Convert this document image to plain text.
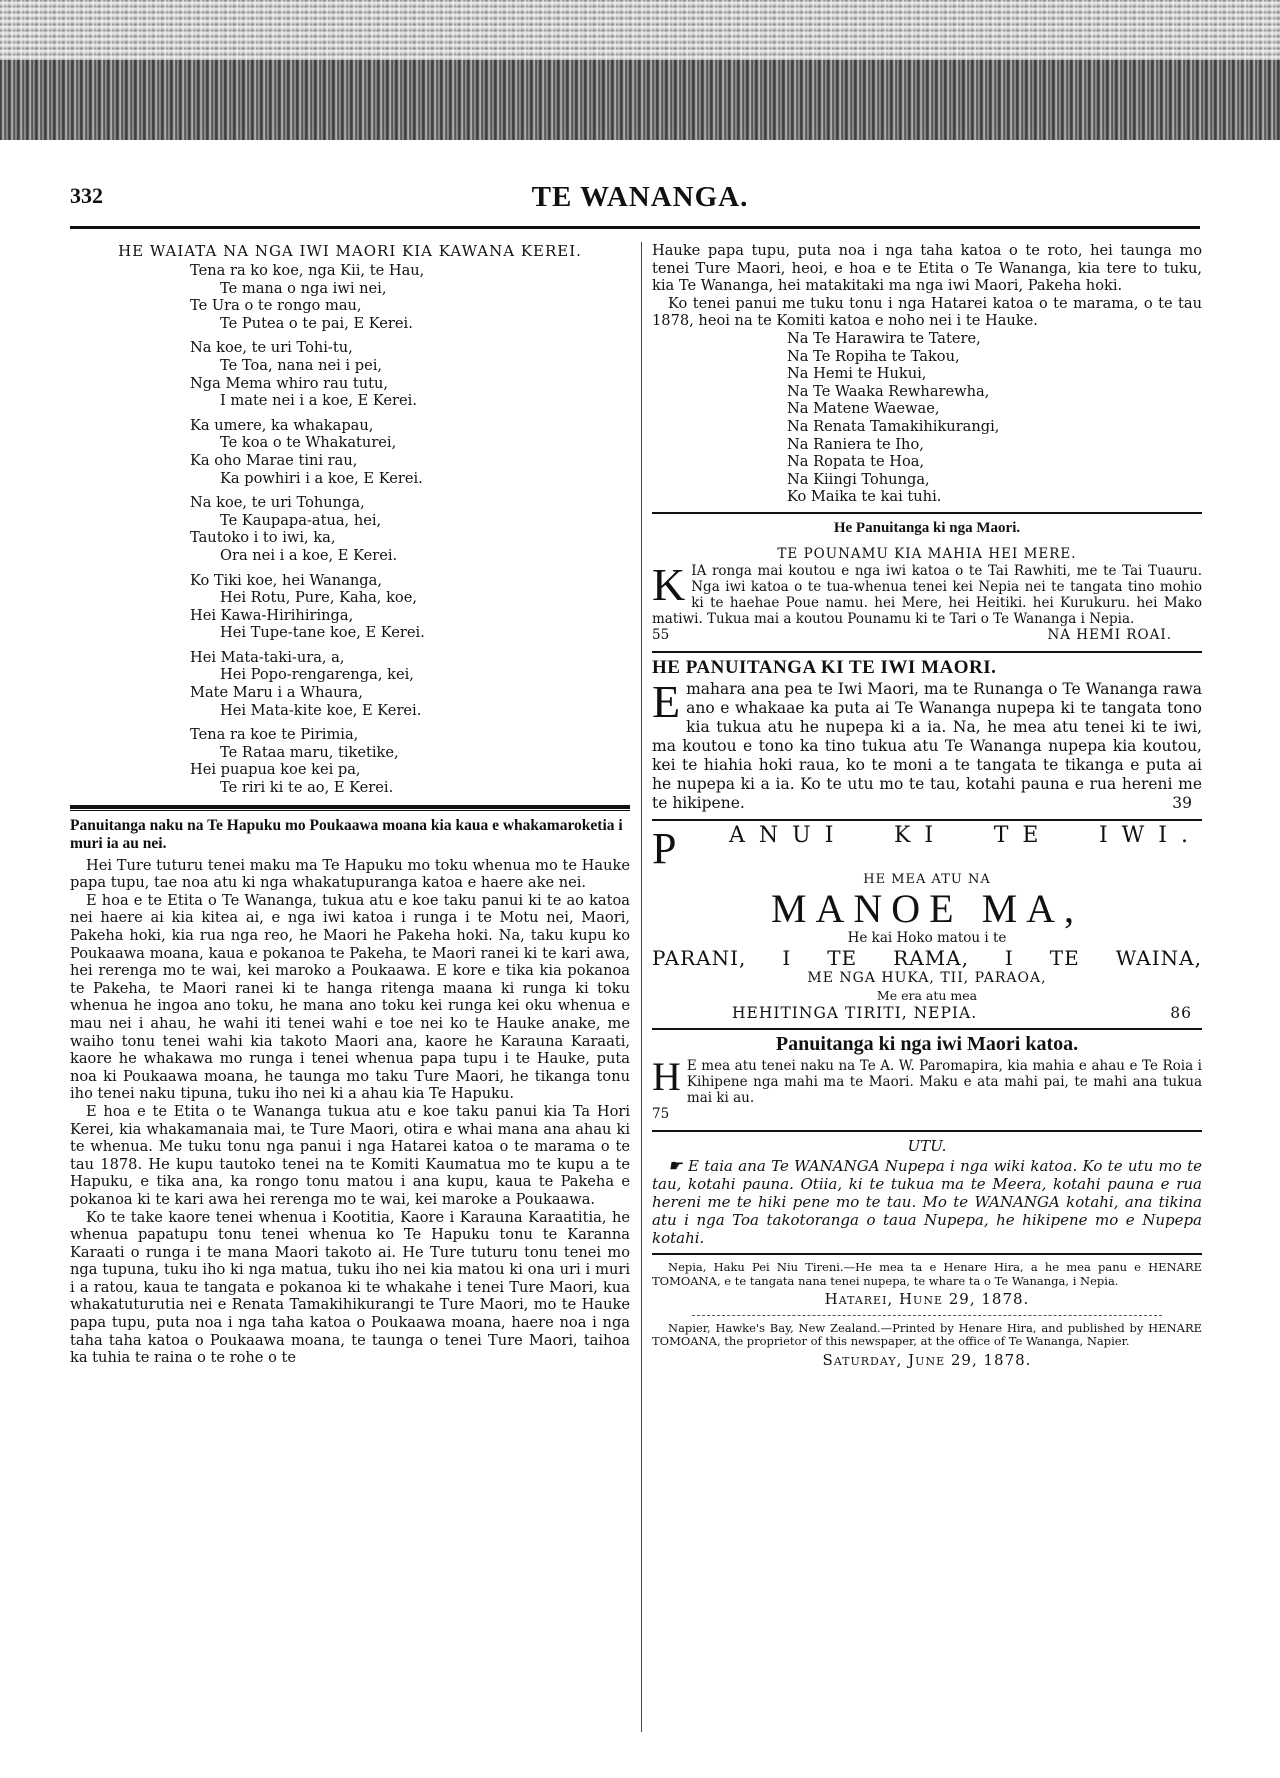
332	TE WANANGA.
HE WAIATA NA NGA IWI MAORI KIA KAWANA KEREI.
Tena ra ko koe, nga Kii, te Hau,
Te mana o nga iwi nei,
Te Ura o te rongo mau,
Te Putea o te pai, E Kerei.
Na koe, te uri Tohi-tu,
Te Toa, nana nei i pei,
Nga Mema whiro rau tutu,
I mate nei i a koe, E Kerei.
Ka umere, ka whakapau,
Te koa o te Whakaturei,
Ka oho Marae tini rau,
Ka powhiri i a koe, E Kerei.
Na koe, te uri Tohunga,
Te Kaupapa-atua, hei,
Tautoko i to iwi, ka,
Ora nei i a koe, E Kerei.
Ko Tiki koe, hei Wananga,
Hei Rotu, Pure, Kaha, koe,
Hei Kawa-Hirihiringa,
Hei Tupe-tane koe, E Kerei.
Hei Mata-taki-ura, a,
Hei Popo-rengarenga, kei,
Mate Maru i a Whaura,
Hei Mata-kite koe, E Kerei.
Tena ra koe te Pirimia,
Te Rataa maru, tiketike,
Hei puapua koe kei pa,
Te riri ki te ao, E Kerei.
Panuitanga naku na Te Hapuku mo Poukaawa moana kia kaua e whakamaroketia i muri ia au nei.

Hei Ture tuturu tenei maku ma Te Hapuku mo toku whenua mo te Hauke papa tupu, tae noa atu ki nga whakatupuranga katoa e haere ake nei.

E hoa e te Etita o Te Wananga, tukua atu e koe taku panui ki te ao katoa nei haere ai kia kitea ai, e nga iwi katoa i runga i te Motu nei, Maori, Pakeha hoki, kia rua nga reo, he Maori he Pakeha hoki. Na, taku kupu ko Poukaawa moana, kaua e pokanoa te Pakeha, te Maori ranei ki te kari awa, hei rerenga mo te wai, kei maroko a Poukaawa. E kore e tika kia pokanoa te Pakeha, te Maori ranei ki te hanga ritenga maana ki runga ki toku whenua he ingoa ano toku, he mana ano toku kei runga kei oku whenua e mau nei i ahau, he wahi iti tenei wahi e toe nei ko te Hauke anake, me waiho tonu tenei wahi kia takoto Maori ana, kaore he Karauna Karaati, kaore he whakawa mo runga i tenei whenua papa tupu i te Hauke, puta noa ki Poukaawa moana, he taunga mo taku Ture Maori, he tikanga tonu iho tenei naku tipuna, tuku iho nei ki a ahau kia Te Hapuku.

E hoa e te Etita o te Wananga tukua atu e koe taku panui kia Ta Hori Kerei, kia whakamanaia mai, te Ture Maori, otira e whai mana ana ahau ki te whenua. Me tuku tonu nga panui i nga Hatarei katoa o te marama o te tau 1878. He kupu tautoko tenei na te Komiti Kaumatua mo te kupu a te Hapuku, e tika ana, ka rongo tonu matou i ana kupu, kaua te Pakeha e pokanoa ki te kari awa hei rerenga mo te wai, kei maroke a Poukaawa.

Ko te take kaore tenei whenua i Kootitia, Kaore i Karauna Karaatitia, he whenua papatupu tonu tenei whenua ko Te Hapuku tonu te Karanna Karaati o runga i te mana Maori takoto ai. He Ture tuturu tonu tenei mo nga tupuna, tuku iho ki nga matua, tuku iho nei kia matou ki ona uri i muri i a ratou, kaua te tangata e pokanoa ki te whakahe i tenei Ture Maori, kua whakatuturutia nei e Renata Tamakihikurangi te Ture Maori, mo te Hauke papa tupu, puta noa i nga taha katoa o Poukaawa moana, haere noa i nga taha taha katoa o Poukaawa moana, te taunga o tenei Ture Maori, taihoa ka tuhia te raina o te rohe o te

Hauke papa tupu, puta noa i nga taha katoa o te roto, hei taunga mo tenei Ture Maori, heoi, e hoa e te Etita o Te Wananga, kia tere to tuku, kia Te Wananga, hei matakitaki ma nga iwi Maori, Pakeha hoki.

Ko tenei panui me tuku tonu i nga Hatarei katoa o te marama, o te tau 1878, heoi na te Komiti katoa e noho nei i te Hauke.

Na Te Harawira te Tatere,
Na Te Ropiha te Takou,
Na Hemi te Hukui,
Na Te Waaka Rewharewha,
Na Matene Waewae,
Na Renata Tamakihikurangi,
Na Raniera te Iho,
Na Ropata te Hoa,
Na Kiingi Tohunga,
Ko Maika te kai tuhi.
He Panuitanga ki nga Maori.
TE POUNAMU KIA MAHIA HEI MERE.
K IA ronga mai koutou e nga iwi katoa o te Tai Rawhiti, me te Tai Tuauru. Nga iwi katoa o te tua-whenua tenei kei Nepia nei te tangata tino mohio ki te haehae Poue namu. hei Mere, hei Heitiki. hei Kurukuru. hei Mako matiwi. Tukua mai a koutou Pounamu ki te Tari o Te Wananga i Nepia.

55	NA HEMI ROAI.
HE PANUITANGA KI TE IWI MAORI.
E mahara ana pea te Iwi Maori, ma te Runanga o Te Wananga rawa ano e whakaae ka puta ai Te Wananga nupepa ki te tangata tono kia tukua atu he nupepa ki a ia. Na, he mea atu tenei ki te iwi, ma koutou e tono ka tino tukua atu Te Wananga nupepa kia koutou, kei te hiahia hoki raua, ko te moni a te tangata te tikanga e puta ai he nupepa ki a ia. Ko te utu mo te tau, kotahi pauna e rua hereni me te hikipene.	39
P ANUI KI TE IWI.
HE MEA ATU NA
MANOE MA,
He kai Hoko matou i te
PARANI, I TE RAMA, I TE WAINA,
ME NGA HUKA, TII, PARAOA,
Me era atu mea
HEHITINGA TIRITI, NEPIA.	86
Panuitanga ki nga iwi Maori katoa.
H E mea atu tenei naku na Te A. W. Paromapira, kia mahia e ahau e Te Roia i Kihipene nga mahi ma te Maori. Maku e ata mahi pai, te mahi ana tukua mai ki au.

75
UTU.

☛ E taia ana Te WANANGA Nupepa i nga wiki katoa. Ko te utu mo te tau, kotahi pauna. Otiia, ki te tukua ma te Meera, kotahi pauna e rua hereni me te hiki pene mo te tau. Mo te WANANGA kotahi, ana tikina atu i nga Toa takotoranga o taua Nupepa, he hikipene mo e Nupepa kotahi.

Nepia, Haku Pei Niu Tireni.—He mea ta e Henare Hira, a he mea panu e HENARE TOMOANA, e te tangata nana tenei nupepa, te whare ta o Te Wananga, i Nepia.

Hatarei, Hune 29, 1878.

Napier, Hawke's Bay, New Zealand.—Printed by Henare Hira, and published by HENARE TOMOANA, the proprietor of this newspaper, at the office of Te Wananga, Napier.

Saturday, June 29, 1878.
